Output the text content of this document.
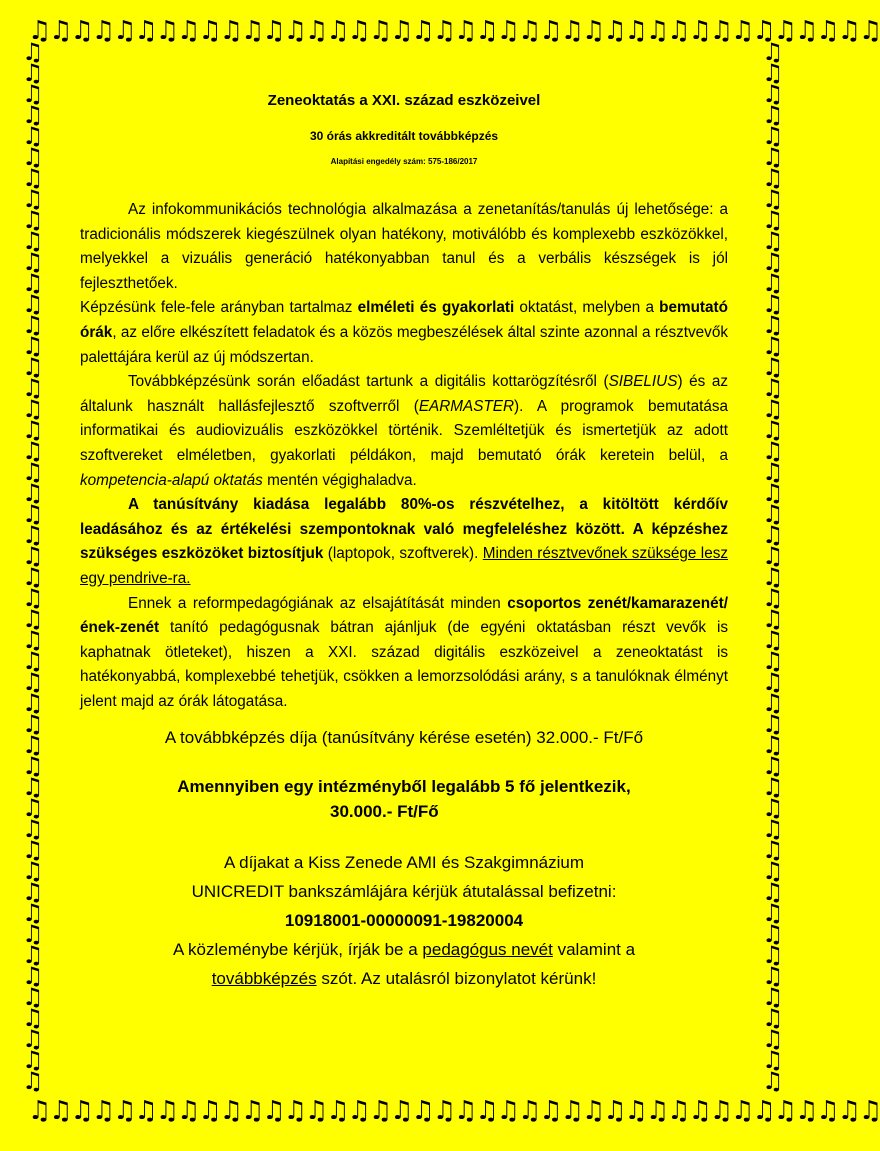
♫♫♫♫♫♫♫♫♫♫♫♫♫♫♫♫♫♫♫♫♫♫♫♫♫♫♫♫♫♫♫♫♫♫♫♫♫♫♫♫
♫
♫
♫
♫
♫
♫
♫
♫
♫
♫
♫
♫
♫
♫
♫
♫
♫
♫
♫
♫
♫
♫
♫
♫
♫
♫
♫
♫
♫
♫
♫
♫
♫
♫
♫
♫
♫
♫
♫
♫
♫
♫
♫
♫
♫
♫
♫
♫
♫
♫
♫
♫
♫
♫
♫
♫
♫
♫
♫
♫
♫
♫
♫
♫
♫
♫
♫
♫
♫
♫
♫
♫
♫
♫
♫
♫
♫
♫
♫
♫
♫
♫
♫
♫
♫
♫
♫
♫
♫
♫
♫
♫
♫
♫
♫
♫
♫
♫
♫
♫
♫♫♫♫♫♫♫♫♫♫♫♫♫♫♫♫♫♫♫♫♫♫♫♫♫♫♫♫♫♫♫♫♫♫♫♫♫♫♫♫
Zeneoktatás a XXI. század eszközeivel
30 órás akkreditált továbbképzés
Alapítási engedély szám: 575-186/2017

Az infokommunikációs technológia alkalmazása a zenetanítás/tanulás új lehetősége: a tradicionális módszerek kiegészülnek olyan hatékony, motiválóbb és komplexebb eszközökkel, melyekkel a vizuális generáció hatékonyabban tanul és a verbális készségek is jól fejleszthetőek.

Képzésünk fele-fele arányban tartalmaz elméleti és gyakorlati oktatást, melyben a bemutató órák, az előre elkészített feladatok és a közös megbeszélések által szinte azonnal a résztvevők palettájára kerül az új módszertan.

Továbbképzésünk során előadást tartunk a digitális kottarögzítésről (SIBELIUS) és az általunk használt hallásfejlesztő szoftverről (EARMASTER). A programok bemutatása informatikai és audiovizuális eszközökkel történik. Szemléltetjük és ismertetjük az adott szoftvereket elméletben, gyakorlati példákon, majd bemutató órák keretein belül, a kompetencia-alapú oktatás mentén végighaladva.

A tanúsítvány kiadása legalább 80%-os részvételhez, a kitöltött kérdőív leadásához és az értékelési szempontoknak való megfeleléshez között. A képzéshez szükséges eszközöket biztosítjuk (laptopok, szoftverek). Minden résztvevőnek szüksége lesz egy pendrive-ra.

Ennek a reformpedagógiának az elsajátítását minden csoportos zenét/kamarazenét/ének-zenét tanító pedagógusnak bátran ajánljuk (de egyéni oktatásban részt vevők is kaphatnak ötleteket), hiszen a XXI. század digitális eszközeivel a zeneoktatást is hatékonyabbá, komplexebbé tehetjük, csökken a lemorzsolódási arány, s a tanulóknak élményt jelent majd az órák látogatása.

A továbbképzés díja (tanúsítvány kérése esetén) 32.000.- Ft/Fő
Amennyiben egy intézményből legalább 5 fő jelentkezik,
30.000.- Ft/Fő
A díjakat a Kiss Zenede AMI és Szakgimnázium
UNICREDIT bankszámlájára kérjük átutalással befizetni:
10918001-00000091-19820004
A közleménybe kérjük, írják be a pedagógus nevét valamint a
továbbképzés szót. Az utalásról bizonylatot kérünk!
